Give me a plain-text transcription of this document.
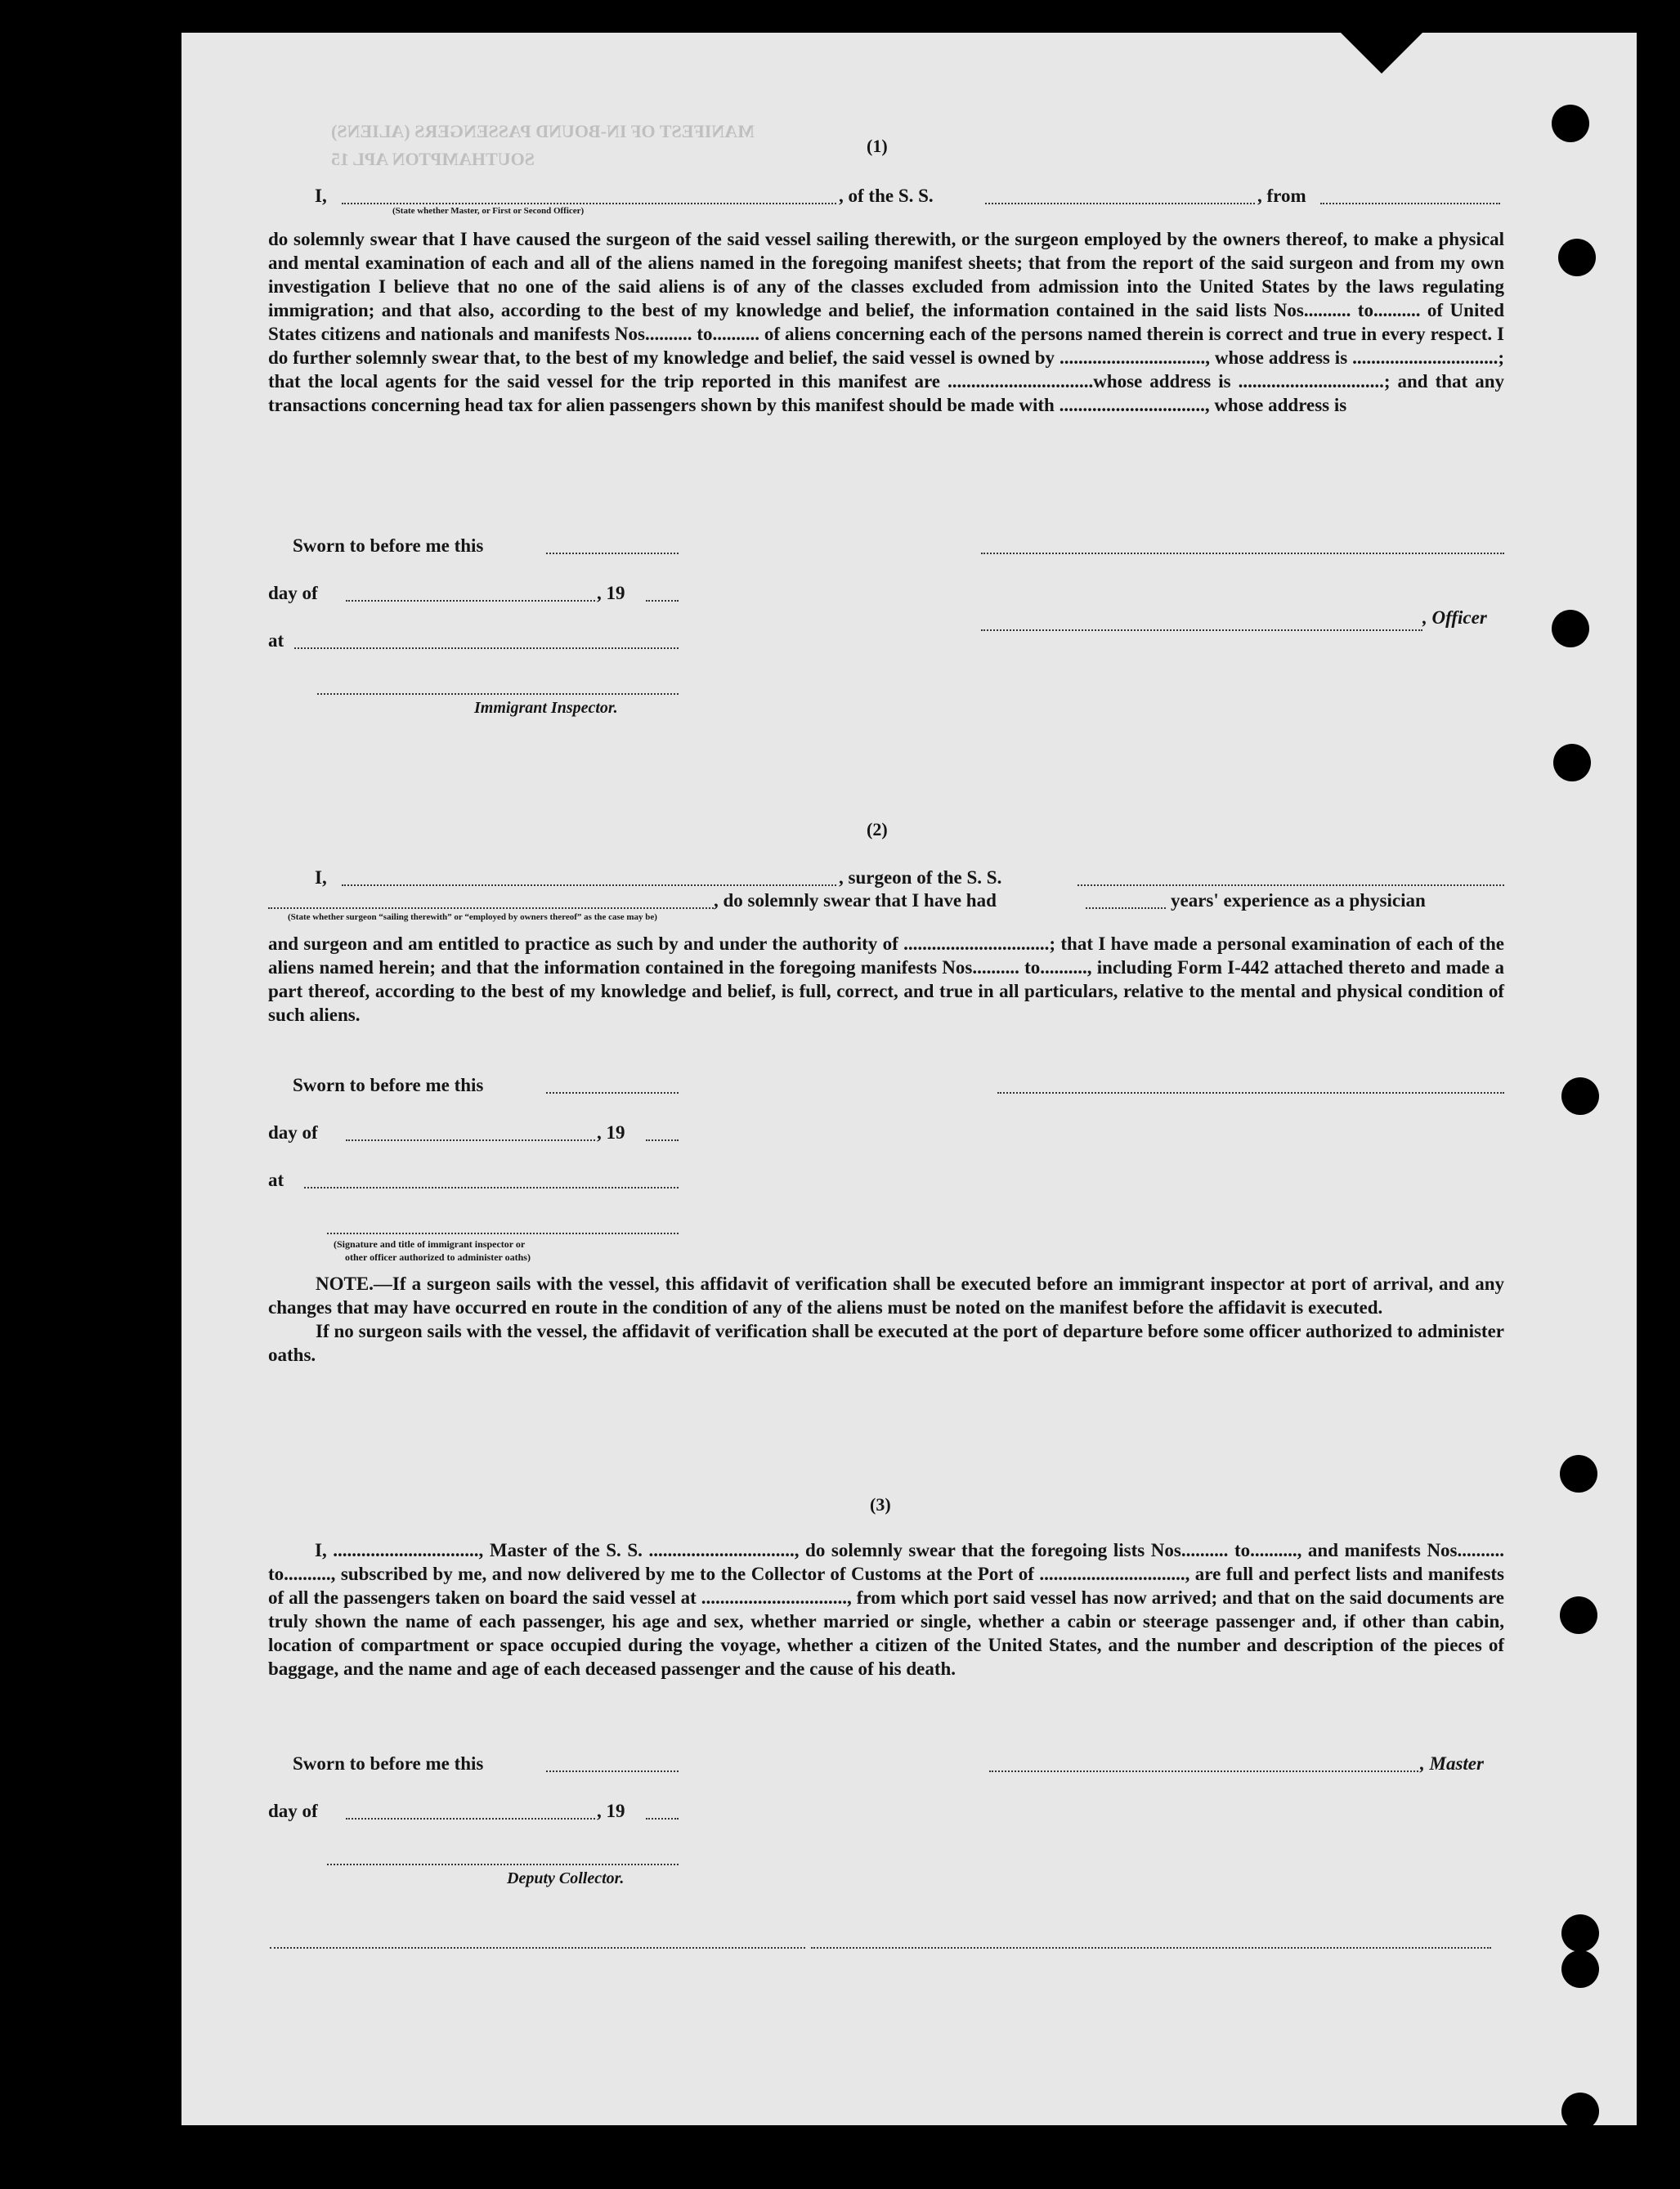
MANIFEST OF IN-BOUND PASSENGERS (ALIENS)
SOUTHAMPTON APL 15
(1)
I,	, of the S. S.	, from
(State whether Master, or First or Second Officer)

do solemnly swear that I have caused the surgeon of the said vessel sailing therewith, or the surgeon employed by the owners thereof, to make a physical and mental examination of each and all of the aliens named in the foregoing manifest sheets; that from the report of the said surgeon and from my own investigation I believe that no one of the said aliens is of any of the classes excluded from admission into the United States by the laws regulating immigration; and that also, according to the best of my knowledge and belief, the information contained in the said lists Nos.......... to.......... of United States citizens and nationals and manifests Nos.......... to.......... of aliens concerning each of the persons named therein is correct and true in every respect. I do further solemnly swear that, to the best of my knowledge and belief, the said vessel is owned by ..............................., whose address is ...............................; that the local agents for the said vessel for the trip reported in this manifest are ...............................whose address is ...............................; and that any transactions concerning head tax for alien passengers shown by this manifest should be made with ..............................., whose address is

Sworn to before me this
day of	, 19
, Officer
at
Immigrant Inspector.
(2)
I,	, surgeon of the S. S.
, do solemnly swear that I have had	years' experience as a physician
(State whether surgeon “sailing therewith” or “employed by owners thereof” as the case may be)

and surgeon and am entitled to practice as such by and under the authority of ...............................; that I have made a personal examination of each of the aliens named herein; and that the information contained in the foregoing manifests Nos.......... to.........., including Form I-442 attached thereto and made a part thereof, according to the best of my knowledge and belief, is full, correct, and true in all particulars, relative to the mental and physical condition of such aliens.

Sworn to before me this
day of	, 19
at
(Signature and title of immigrant inspector or
other officer authorized to administer oaths)

NOTE.—If a surgeon sails with the vessel, this affidavit of verification shall be executed before an immigrant inspector at port of arrival, and any changes that may have occurred en route in the condition of any of the aliens must be noted on the manifest before the affidavit is executed.

If no surgeon sails with the vessel, the affidavit of verification shall be executed at the port of departure before some officer authorized to administer oaths.

(3)

I, ..............................., Master of the S. S. ..............................., do solemnly swear that the foregoing lists Nos.......... to.........., and manifests Nos.......... to.........., subscribed by me, and now delivered by me to the Collector of Customs at the Port of ..............................., are full and perfect lists and manifests of all the passengers taken on board the said vessel at ..............................., from which port said vessel has now arrived; and that on the said documents are truly shown the name of each passenger, his age and sex, whether married or single, whether a cabin or steerage passenger and, if other than cabin, location of compartment or space occupied during the voyage, whether a citizen of the United States, and the number and description of the pieces of baggage, and the name and age of each deceased passenger and the cause of his death.

Sworn to before me this	, Master
day of	, 19
Deputy Collector.
